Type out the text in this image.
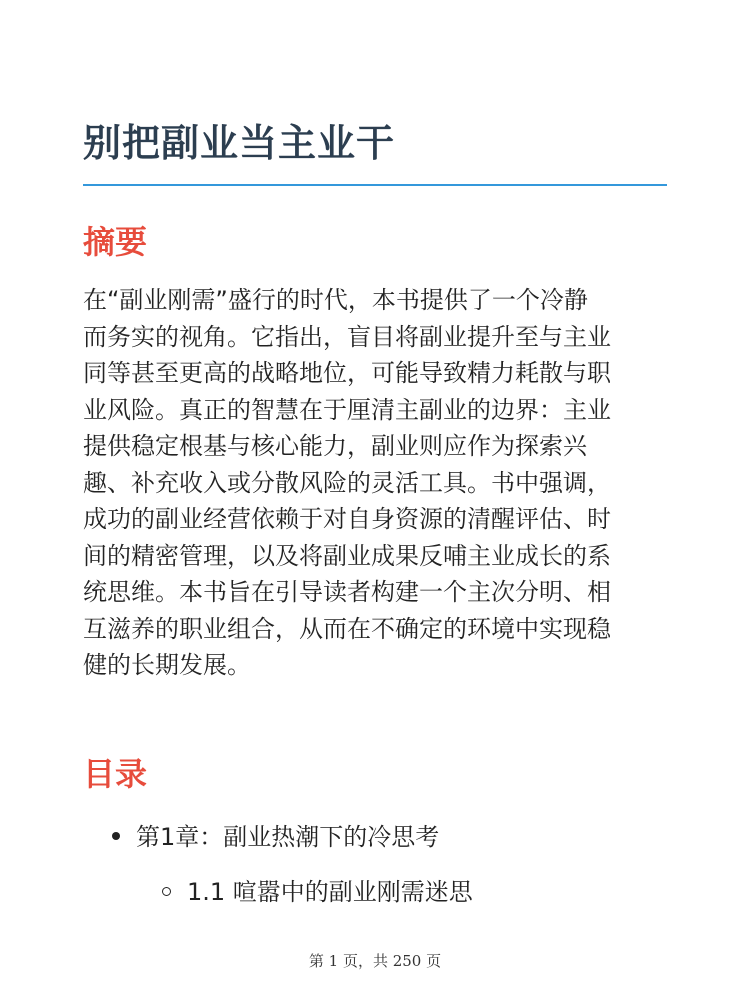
别把副业当主业干
摘要

在“副业刚需”盛行的时代，本书提供了一个冷静
而务实的视角。它指出，盲目将副业提升至与主业
同等甚至更高的战略地位，可能导致精力耗散与职
业风险。真正的智慧在于厘清主副业的边界：主业
提供稳定根基与核心能力，副业则应作为探索兴
趣、补充收入或分散风险的灵活工具。书中强调，
成功的副业经营依赖于对自身资源的清醒评估、时
间的精密管理，以及将副业成果反哺主业成长的系
统思维。本书旨在引导读者构建一个主次分明、相
互滋养的职业组合，从而在不确定的环境中实现稳
健的长期发展。

目录
第1章：副业热潮下的冷思考
1.1 喧嚣中的副业刚需迷思
第 1 页，共 250 页
